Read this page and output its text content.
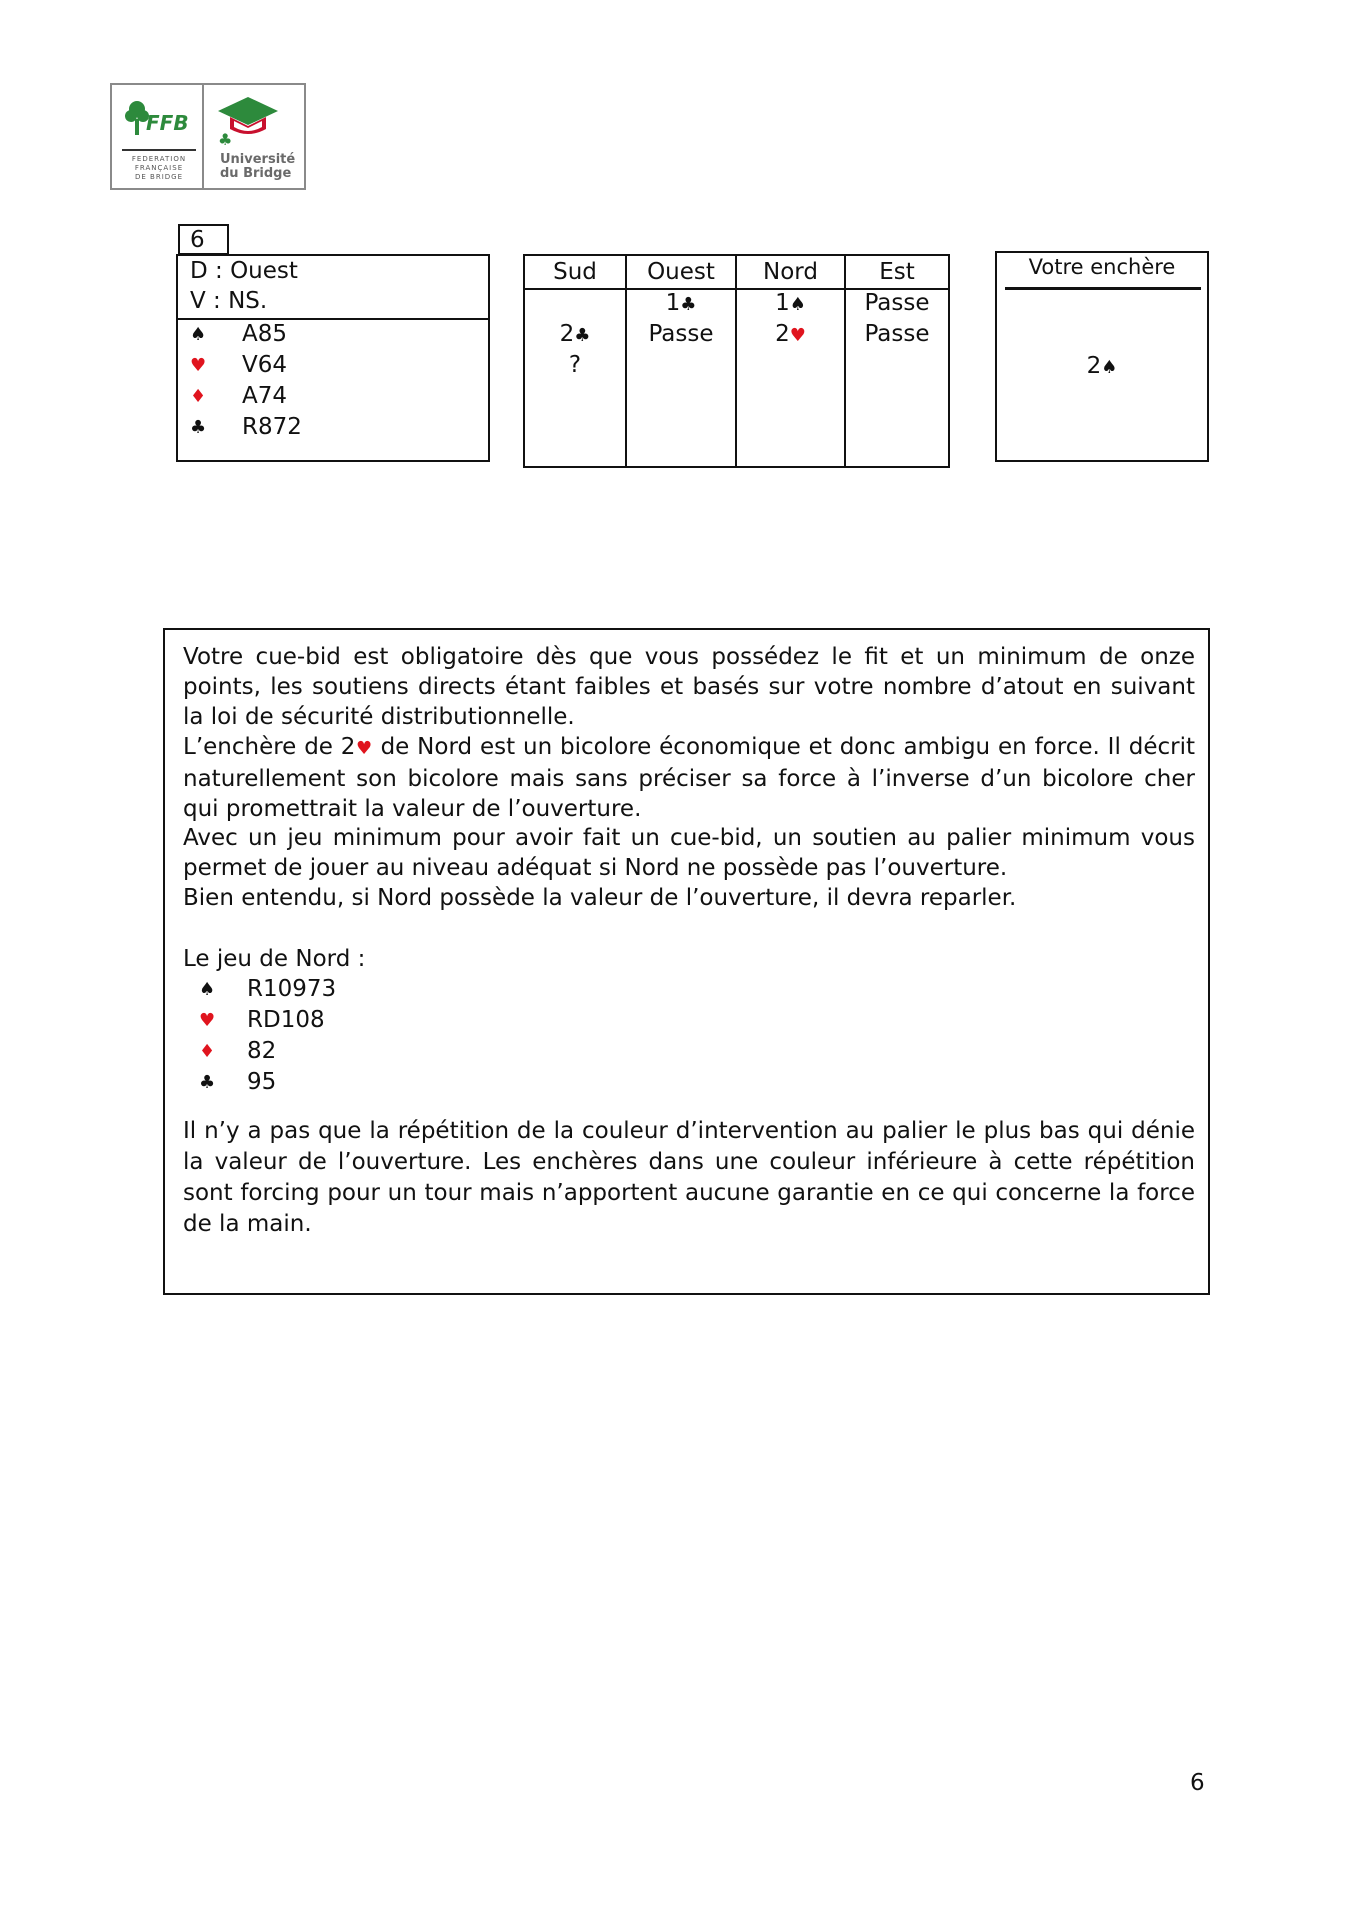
FFB
FEDERATION
FRANÇAISE
DE BRIDGE
♣
Université
du Bridge
6
D : Ouest
V : NS.
♠ A85
♥ V64
♦ A74
♣ R872
Sud
2♣
?
Ouest
1♣
Passe
Nord
1♠
2♥
Est
Passe
Passe
Votre enchère
2♠
Votre cue-bid est obligatoire dès que vous possédez le fit et un minimum de onze points, les soutiens directs étant faibles et basés sur votre nombre d’atout en suivant la loi de sécurité distributionnelle.
L’enchère de 2♥ de Nord est un bicolore économique et donc ambigu en force. Il décrit naturellement son bicolore mais sans préciser sa force à l’inverse d’un bicolore cher qui promettrait la valeur de l’ouverture.
Avec un jeu minimum pour avoir fait un cue-bid, un soutien au palier minimum vous permet de jouer au niveau adéquat si Nord ne possède pas l’ouverture.
Bien entendu, si Nord possède la valeur de l’ouverture, il devra reparler.
Le jeu de Nord :
♠ R10973
♥ RD108
♦ 82
♣ 95
Il n’y a pas que la répétition de la couleur d’intervention au palier le plus bas qui dénie la valeur de l’ouverture. Les enchères dans une couleur inférieure à cette répétition sont forcing pour un tour mais n’apportent aucune garantie en ce qui concerne la force de la main.
6
